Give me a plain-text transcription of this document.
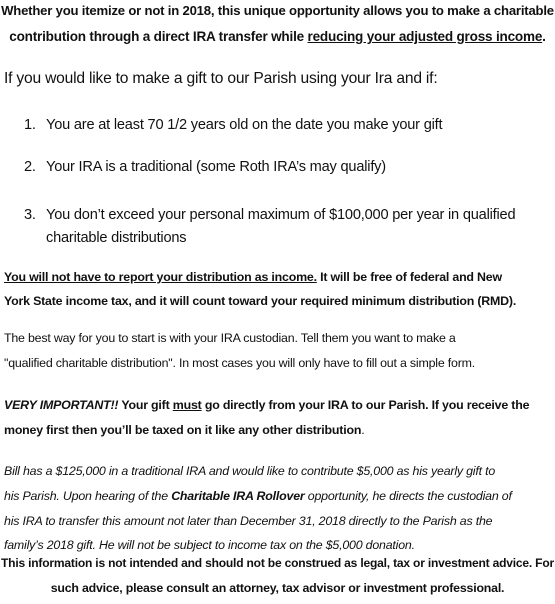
Whether you itemize or not in 2018, this unique opportunity allows you to make a charitable
contribution through a direct IRA transfer while reducing your adjusted gross income.
If you would like to make a gift to our Parish using your Ira and if:
1. You are at least 70 1/2 years old on the date you make your gift
2. Your IRA is a traditional (some Roth IRA’s may qualify)
3. You don’t exceed your personal maximum of $100,000 per year in qualified
charitable distributions
You will not have to report your distribution as income. It will be free of federal and New
York State income tax, and it will count toward your required minimum distribution (RMD).
The best way for you to start is with your IRA custodian. Tell them you want to make a
"qualified charitable distribution". In most cases you will only have to fill out a simple form.
VERY IMPORTANT!! Your gift must go directly from your IRA to our Parish. If you receive the
money first then you’ll be taxed on it like any other distribution.
Bill has a $125,000 in a traditional IRA and would like to contribute $5,000 as his yearly gift to
his Parish. Upon hearing of the Charitable IRA Rollover opportunity, he directs the custodian of
his IRA to transfer this amount not later than December 31, 2018 directly to the Parish as the
family’s 2018 gift. He will not be subject to income tax on the $5,000 donation.
This information is not intended and should not be construed as legal, tax or investment advice. For
such advice, please consult an attorney, tax advisor or investment professional.
